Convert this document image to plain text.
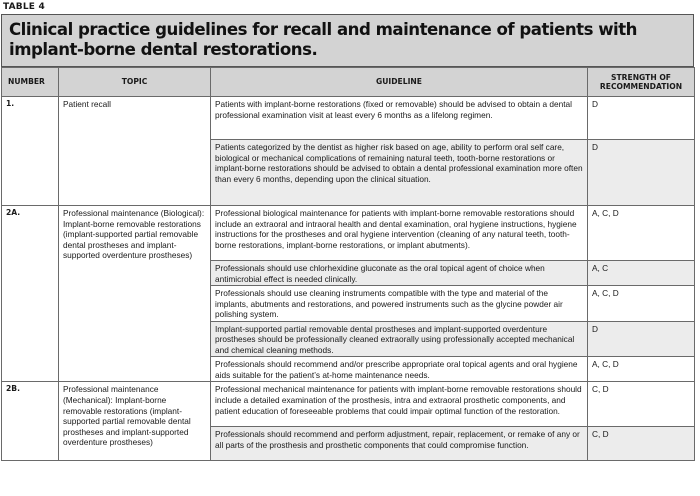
TABLE 4
Clinical practice guidelines for recall and maintenance of patients with implant-borne dental restorations.
NUMBER	TOPIC	GUIDELINE	STRENGTH OF RECOMMENDATION
1.	Patient recall	Patients with implant-borne restorations (fixed or removable) should be advised to obtain a dental professional examination visit at least every 6 months as a lifelong regimen.	D
		Patients categorized by the dentist as higher risk based on age, ability to perform oral self care, biological or mechanical complications of remaining natural teeth, tooth-borne restorations or implant-borne restorations should be advised to obtain a dental professional examination more often than every 6 months, depending upon the clinical situation.	D
2A.	Professional maintenance (Biological): Implant-borne removable restorations (implant-supported partial removable dental prostheses and implant-supported overdenture prostheses)	Professional biological maintenance for patients with implant-borne removable restorations should include an extraoral and intraoral health and dental examination, oral hygiene instructions, hygiene instructions for the prostheses and oral hygiene intervention (cleaning of any natural teeth, tooth-borne restorations, implant-borne restorations, or implant abutments).	A, C, D
		Professionals should use chlorhexidine gluconate as the oral topical agent of choice when antimicrobial effect is needed clinically.	A, C
		Professionals should use cleaning instruments compatible with the type and material of the implants, abutments and restorations, and powered instruments such as the glycine powder air polishing system.	A, C, D
		Implant-supported partial removable dental prostheses and implant-supported overdenture prostheses should be professionally cleaned extraorally using professionally accepted mechanical and chemical cleaning methods.	D
		Professionals should recommend and/or prescribe appropriate oral topical agents and oral hygiene aids suitable for the patient’s at-home maintenance needs.	A, C, D
2B.	Professional maintenance (Mechanical): Implant-borne removable restorations (implant-supported partial removable dental prostheses and implant-supported overdenture prostheses)	Professional mechanical maintenance for patients with implant-borne removable restorations should include a detailed examination of the prosthesis, intra and extraoral prosthetic components, and patient education of foreseeable problems that could impair optimal function of the restoration.	C, D
		Professionals should recommend and perform adjustment, repair, replacement, or remake of any or all parts of the prosthesis and prosthetic components that could compromise function.	C, D
